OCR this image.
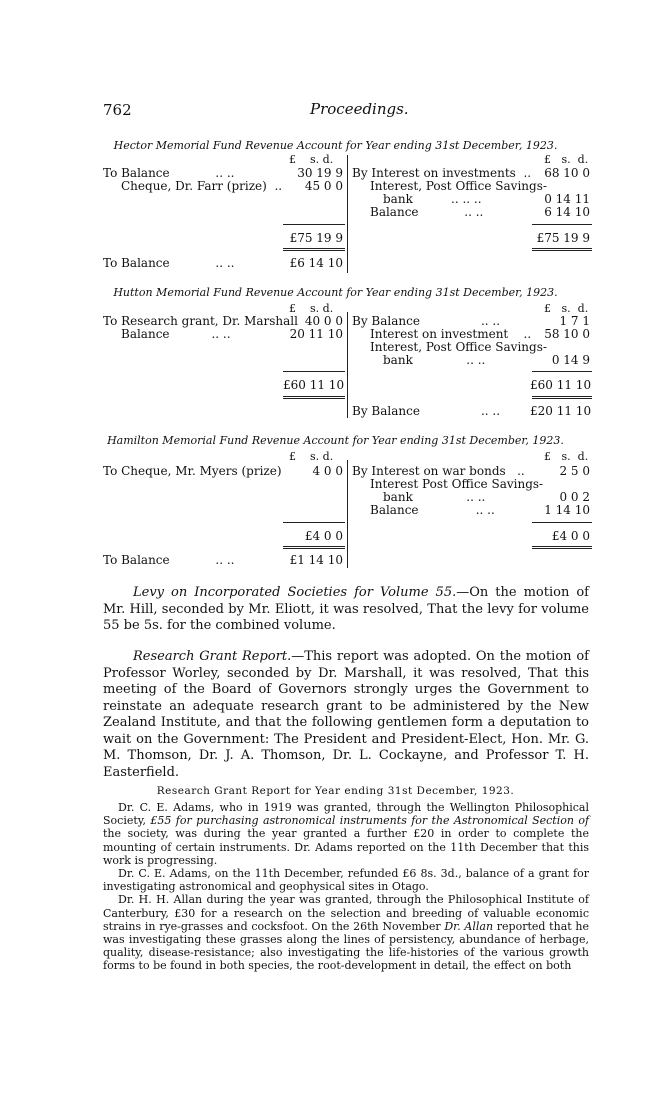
762	Proceedings.
Hector Memorial Fund Revenue Account for Year ending 31st December, 1923.
£ s. d.	£ s. d.
To Balance	.. ..	30 19 9
Cheque, Dr. Farr (prize) ..	45 0 0
By Interest on investments ..	68 10 0
Interest, Post Office Savings-
bank	.. .. ..	0 14 11
Balance	.. ..	6 14 10
£75 19 9	£75 19 9
To Balance	.. ..	£6 14 10
Hutton Memorial Fund Revenue Account for Year ending 31st December, 1923.
£ s. d.	£ s. d.
To Research grant, Dr. Marshall 40 0 0
Balance	.. ..	20 11 10
By Balance	.. ..	1 7 1
Interest on investment ..	58 10 0
Interest, Post Office Savings-
bank	.. ..	0 14 9
£60 11 10	£60 11 10
By Balance	.. .. £20 11 10
Hamilton Memorial Fund Revenue Account for Year ending 31st December, 1923.
£ s. d.	£ s. d.
To Cheque, Mr. Myers (prize)	4 0 0 By Interest on war bonds ..	2 5 0
Interest Post Office Savings-
bank	.. ..	0 0 2
Balance	.. ..	1 14 10
£4 0 0	£4 0 0
To Balance	.. ..	£1 14 10
Levy on Incorporated Societies for Volume 55.—On the motion of Mr. Hill, seconded by Mr. Eliott, it was resolved, That the levy for volume 55 be 5s. for the combined volume.
Research Grant Report.—This report was adopted. On the motion of Professor Worley, seconded by Dr. Marshall, it was resolved, That this meeting of the Board of Governors strongly urges the Government to reinstate an adequate research grant to be administered by the New Zealand Institute, and that the following gentlemen form a deputation to wait on the Government: The President and President-Elect, Hon. Mr. G. M. Thomson, Dr. J. A. Thomson, Dr. L. Cockayne, and Professor T. H. Easterfield.
Research Grant Report for Year ending 31st December, 1923.

Dr. C. E. Adams, who in 1919 was granted, through the Wellington Philosophical Society, £55 for purchasing astronomical instruments for the Astronomical Section of the society, was during the year granted a further £20 in order to complete the mounting of certain instruments. Dr. Adams reported on the 11th December that this work is progressing.

Dr. C. E. Adams, on the 11th December, refunded £6 8s. 3d., balance of a grant for investigating astronomical and geophysical sites in Otago.

Dr. H. H. Allan during the year was granted, through the Philosophical Institute of Canterbury, £30 for a research on the selection and breeding of valuable economic strains in rye-grasses and cocksfoot. On the 26th November Dr. Allan reported that he was investigating these grasses along the lines of persistency, abundance of herbage, quality, disease-resistance; also investigating the life-histories of the various growth forms to be found in both species, the root-development in detail, the effect on both
